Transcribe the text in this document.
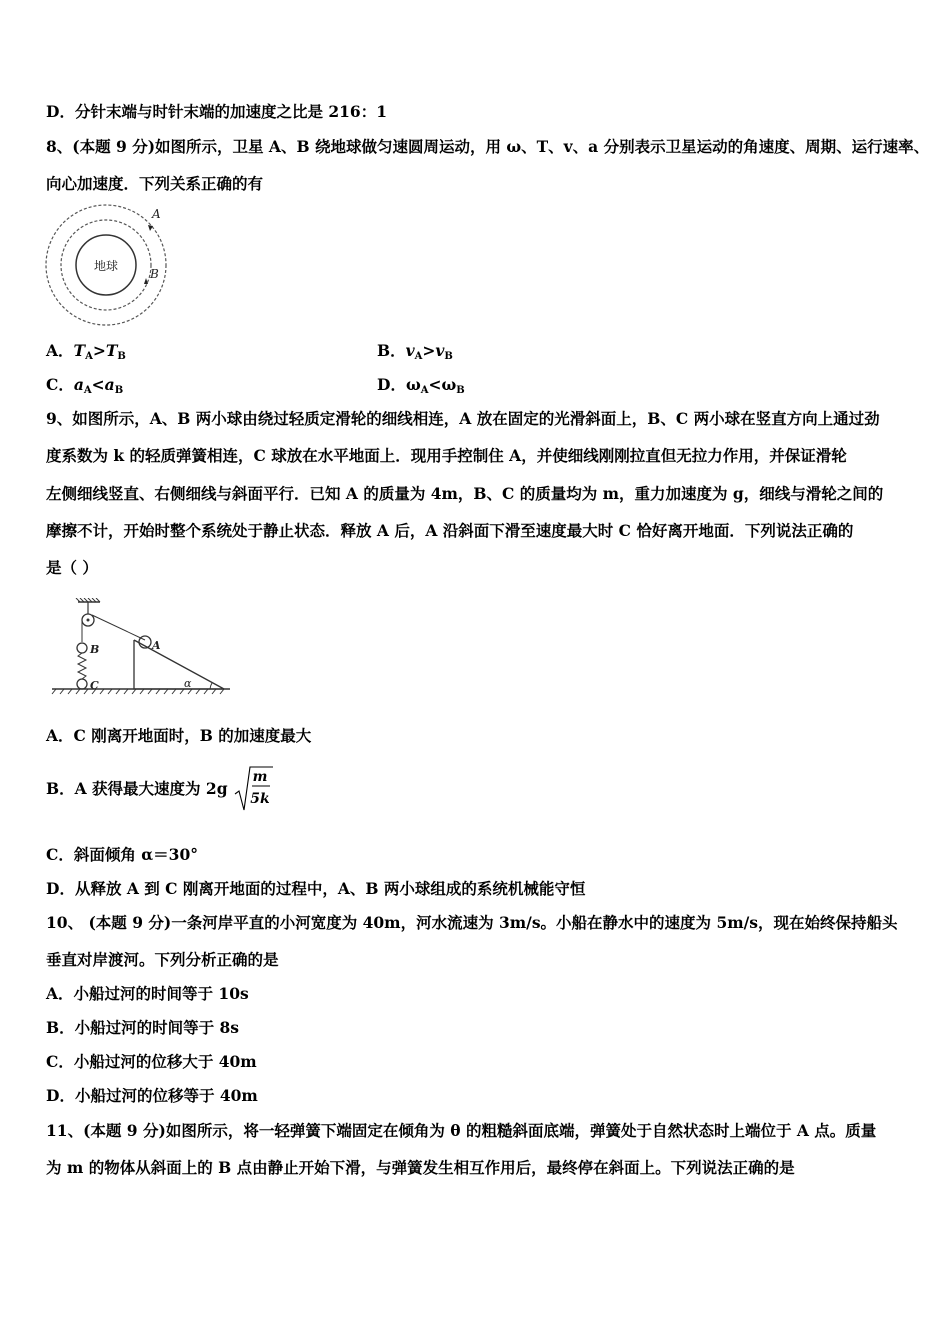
D．分针末端与时针末端的加速度之比是 216：1
8、(本题 9 分)如图所示，卫星 A、B 绕地球做匀速圆周运动，用 ω、T、v、a 分别表示卫星运动的角速度、周期、运行速率、
向心加速度．下列关系正确的有
地球
A
B
A．$T_A>T_B$	B．$v_A>v_B$
C．$a_A<a_B$	D．$\omega_A<\omega_B$
9、如图所示，A、B 两小球由绕过轻质定滑轮的细线相连，A 放在固定的光滑斜面上，B、C 两小球在竖直方向上通过劲
度系数为 k 的轻质弹簧相连，C 球放在水平地面上．现用手控制住 A，并使细线刚刚拉直但无拉力作用，并保证滑轮
左侧细线竖直、右侧细线与斜面平行．已知 A 的质量为 4m，B、C 的质量均为 m，重力加速度为 g，细线与滑轮之间的
摩擦不计，开始时整个系统处于静止状态．释放 A 后，A 沿斜面下滑至速度最大时 C 恰好离开地面．下列说法正确的
是（ ）
B
C
A
α
A．C 刚离开地面时，B 的加速度最大
B．A 获得最大速度为 2g
m
5k
C．斜面倾角 α＝30°
D．从释放 A 到 C 刚离开地面的过程中，A、B 两小球组成的系统机械能守恒
10、 (本题 9 分)一条河岸平直的小河宽度为 40m，河水流速为 3m/s。小船在静水中的速度为 5m/s，现在始终保持船头
垂直对岸渡河。下列分析正确的是
A．小船过河的时间等于 10s
B．小船过河的时间等于 8s
C．小船过河的位移大于 40m
D．小船过河的位移等于 40m
11、(本题 9 分)如图所示，将一轻弹簧下端固定在倾角为 θ 的粗糙斜面底端，弹簧处于自然状态时上端位于 A 点。质量
为 m 的物体从斜面上的 B 点由静止开始下滑，与弹簧发生相互作用后，最终停在斜面上。下列说法正确的是
